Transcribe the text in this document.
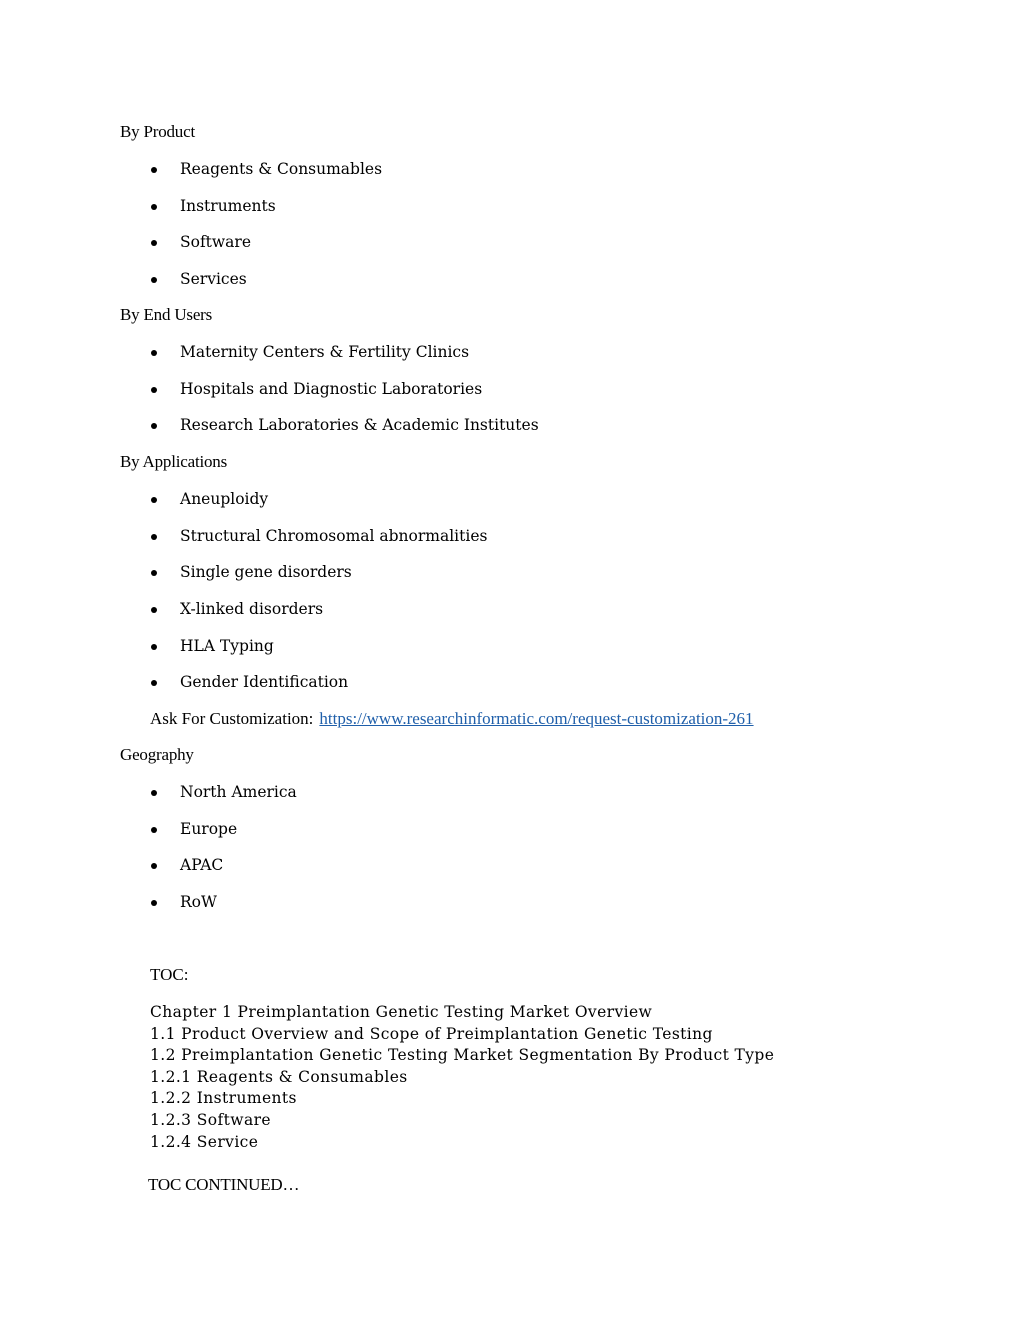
By Product
Reagents & Consumables
Instruments
Software
Services
By End Users
Maternity Centers & Fertility Clinics
Hospitals and Diagnostic Laboratories
Research Laboratories & Academic Institutes
By Applications
Aneuploidy
Structural Chromosomal abnormalities
Single gene disorders
X-linked disorders
HLA Typing
Gender Identification
Ask For Customization: https://www.researchinformatic.com/request-customization-261
Geography
North America
Europe
APAC
RoW
TOC:
Chapter 1 Preimplantation Genetic Testing Market Overview
1.1 Product Overview and Scope of Preimplantation Genetic Testing
1.2 Preimplantation Genetic Testing Market Segmentation By Product Type
1.2.1 Reagents & Consumables
1.2.2 Instruments
1.2.3 Software
1.2.4 Service
TOC CONTINUED…
